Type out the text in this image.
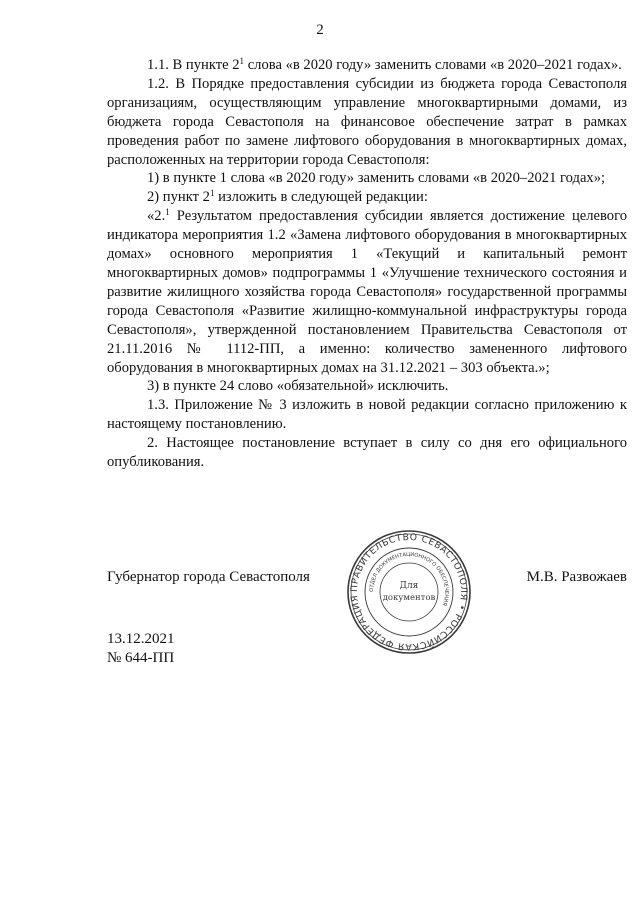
2

1.1. В пункте $2^1$ слова «в 2020 году» заменить словами «в 2020–2021 годах».

1.2. В Порядке предоставления субсидии из бюджета города Севастополя организациям, осуществляющим управление многоквартирными домами, из бюджета города Севастополя на финансовое обеспечение затрат в рамках проведения работ по замене лифтового оборудования в многоквартирных домах, расположенных на территории города Севастополя:

1) в пункте 1 слова «в 2020 году» заменить словами «в 2020–2021 годах»;

2) пункт $2^1$ изложить в следующей редакции:

«2.$^1$ Результатом предоставления субсидии является достижение целевого индикатора мероприятия 1.2 «Замена лифтового оборудования в многоквартирных домах» основного мероприятия 1 «Текущий и капитальный ремонт многоквартирных домов» подпрограммы 1 «Улучшение технического состояния и развитие жилищного хозяйства города Севастополя» государственной программы города Севастополя «Развитие жилищно-коммунальной инфраструктуры города Севастополя», утвержденной постановлением Правительства Севастополя от 21.11.2016 № 1112-ПП, а именно: количество замененного лифтового оборудования в многоквартирных домах на 31.12.2021 – 303 объекта.»;

3) в пункте 24 слово «обязательной» исключить.

1.3. Приложение № 3 изложить в новой редакции согласно приложению к настоящему постановлению.

2. Настоящее постановление вступает в силу со дня его официального опубликования.

Губернатор города Севастополя	М.В. Развожаев
ПРАВИТЕЛЬСТВО СЕВАСТОПОЛЯ • РОССИЙСКАЯ ФЕДЕРАЦИЯ
ОТДЕЛ ДОКУМЕНТАЦИОННОГО ОБЕСПЕЧЕНИЯ
Для
документов
13.12.2021
№ 644-ПП
